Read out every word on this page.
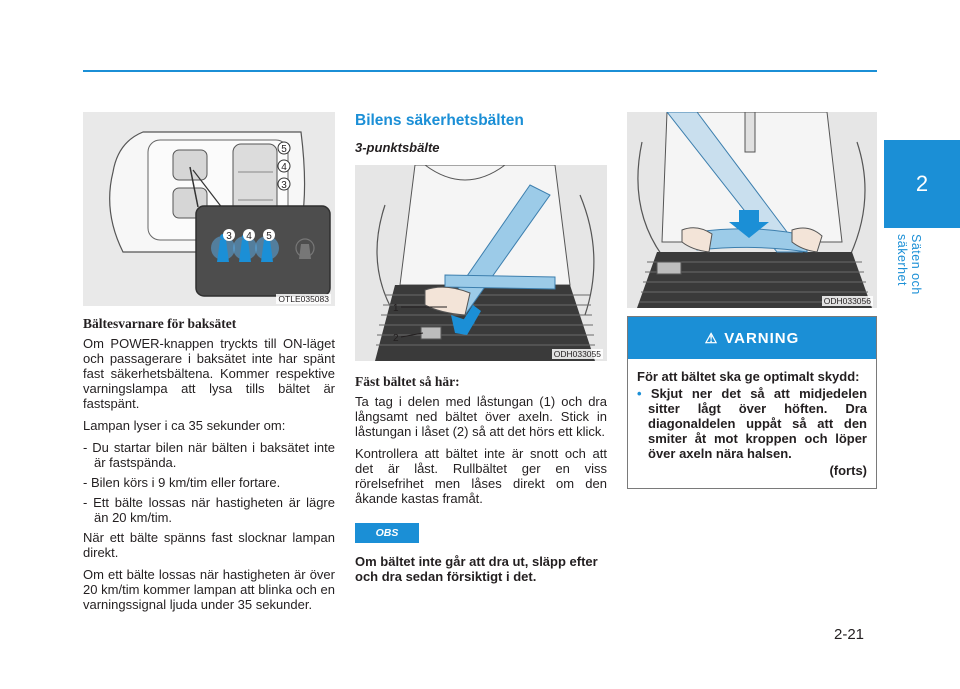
2
Säten och säkerhet
2-21
5
4
3
3 4 5
OTLE035083
Bältesvarnare för baksätet

Om POWER-knappen tryckts till ON-läget och passagerare i baksätet inte har spänt fast säkerhetsbältena. Kommer respektive varningslampa att lysa tills bältet är fastspänt.

Lampan lyser i ca 35 sekunder om:

- Du startar bilen när bälten i baksätet inte är fastspända.
- Bilen körs i 9 km/tim eller fortare.
- Ett bälte lossas när hastigheten är lägre än 20 km/tim.

När ett bälte spänns fast slocknar lampan direkt.

Om ett bälte lossas när hastigheten är över 20 km/tim kommer lampan att blinka och en varningssignal ljuda under 35 sekunder.

Bilens säkerhetsbälten
3-punktsbälte
1
2
ODH033055
Fäst bältet så här:

Ta tag i delen med låstungan (1) och dra långsamt ned bältet över axeln. Stick in låstungan i låset (2) så att det hörs ett klick.

Kontrollera att bältet inte är snott och att det är låst. Rullbältet ger en viss rörelsefrihet men låses direkt om den åkande kastas framåt.

OBS

Om bältet inte går att dra ut, släpp efter och dra sedan försiktigt i det.

ODH033056
⚠ VARNING
För att bältet ska ge optimalt skydd:
• Skjut ner det så att midjedelen sitter lågt över höften. Dra diagonaldelen uppåt så att den smiter åt mot kroppen och löper över axeln nära halsen.
(forts)
